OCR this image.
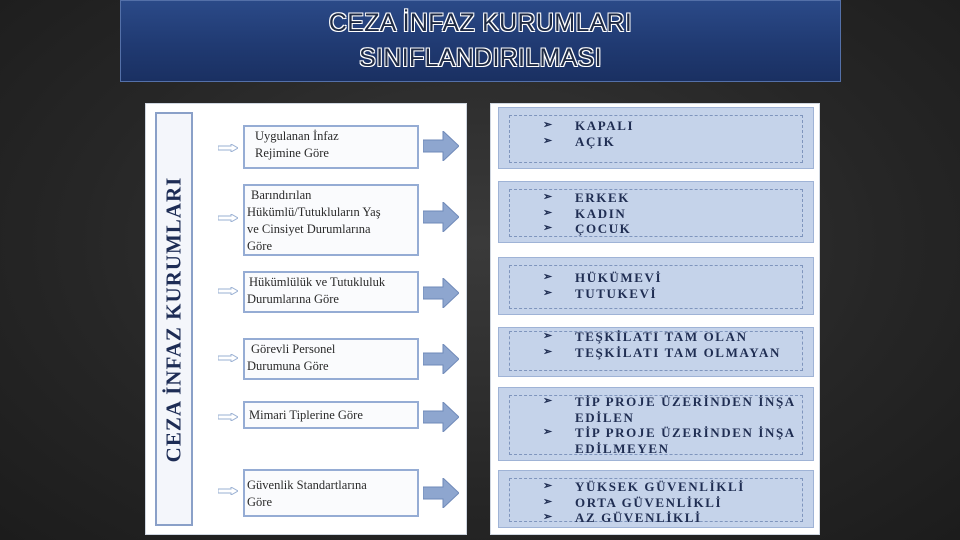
CEZA İNFAZ KURUMLARI
SINIFLANDIRILMASI
CEZA İNFAZ KURUMLARI
Uygulanan İnfaz
Rejimine Göre
Barındırılan
Hükümlü/Tutukluların Yaş
ve Cinsiyet Durumlarına
Göre
Hükümlülük ve Tutukluluk
Durumlarına Göre
Görevli Personel
Durumuna Göre
Mimari Tiplerine Göre
Güvenlik Standartlarına
Göre
➢ KAPALI
➢ AÇIK
➢ ERKEK
➢ KADIN
➢ ÇOCUK
➢ HÜKÜMEVİ
➢ TUTUKEVİ
➢ TEŞKİLATI TAM OLAN
➢ TEŞKİLATI TAM OLMAYAN
➢ TİP PROJE ÜZERİNDEN İNŞA EDİLEN
➢ TİP PROJE ÜZERİNDEN İNŞA EDİLMEYEN
➢ YÜKSEK GÜVENLİKLİ
➢ ORTA GÜVENLİKLİ
➢ AZ GÜVENLİKLİ
